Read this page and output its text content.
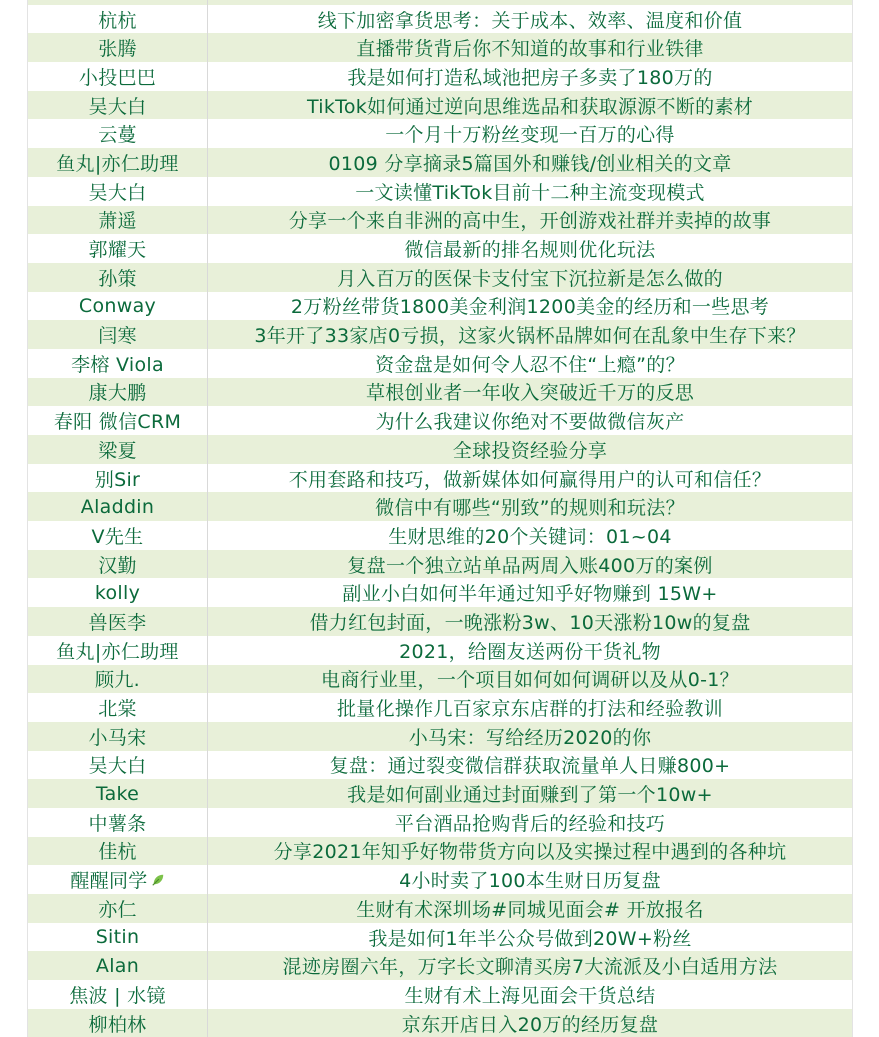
杭杭	线下加密拿货思考：关于成本、效率、温度和价值
张腾	直播带货背后你不知道的故事和行业铁律
小投巴巴	我是如何打造私域池把房子多卖了180万的
吴大白	TikTok如何通过逆向思维选品和获取源源不断的素材
云蔓	一个月十万粉丝变现一百万的心得
鱼丸|亦仁助理	0109 分享摘录5篇国外和赚钱/创业相关的文章
吴大白	一文读懂TikTok目前十二种主流变现模式
萧遥	分享一个来自非洲的高中生，开创游戏社群并卖掉的故事
郭耀天	微信最新的排名规则优化玩法
孙策	月入百万的医保卡支付宝下沉拉新是怎么做的
Conway	2万粉丝带货1800美金利润1200美金的经历和一些思考
闫寒	3年开了33家店0亏损，这家火锅杯品牌如何在乱象中生存下来？
李榕 Viola	资金盘是如何令人忍不住“上瘾”的？
康大鹏	草根创业者一年收入突破近千万的反思
春阳 微信CRM	为什么我建议你绝对不要做微信灰产
梁夏	全球投资经验分享
别Sir	不用套路和技巧，做新媒体如何赢得用户的认可和信任？
Aladdin	微信中有哪些“别致”的规则和玩法？
V先生	生财思维的20个关键词：01~04
汉勤	复盘一个独立站单品两周入账400万的案例
kolly	副业小白如何半年通过知乎好物赚到 15W+
兽医李	借力红包封面，一晚涨粉3w、10天涨粉10w的复盘
鱼丸|亦仁助理	2021，给圈友送两份干货礼物
顾九.	电商行业里，一个项目如何如何调研以及从0-1？
北棠	批量化操作几百家京东店群的打法和经验教训
小马宋	小马宋：写给经历2020的你
吴大白	复盘：通过裂变微信群获取流量单人日赚800+
Take	我是如何副业通过封面赚到了第一个10w+
中薯条	平台酒品抢购背后的经验和技巧
佳杭	分享2021年知乎好物带货方向以及实操过程中遇到的各种坑
醒醒同学	4小时卖了100本生财日历复盘
亦仁	生财有术深圳场#同城见面会# 开放报名
Sitin	我是如何1年半公众号做到20W+粉丝
Alan	混迹房圈六年，万字长文聊清买房7大流派及小白适用方法
焦波 | 水镜	生财有术上海见面会干货总结
柳柏林	京东开店日入20万的经历复盘
